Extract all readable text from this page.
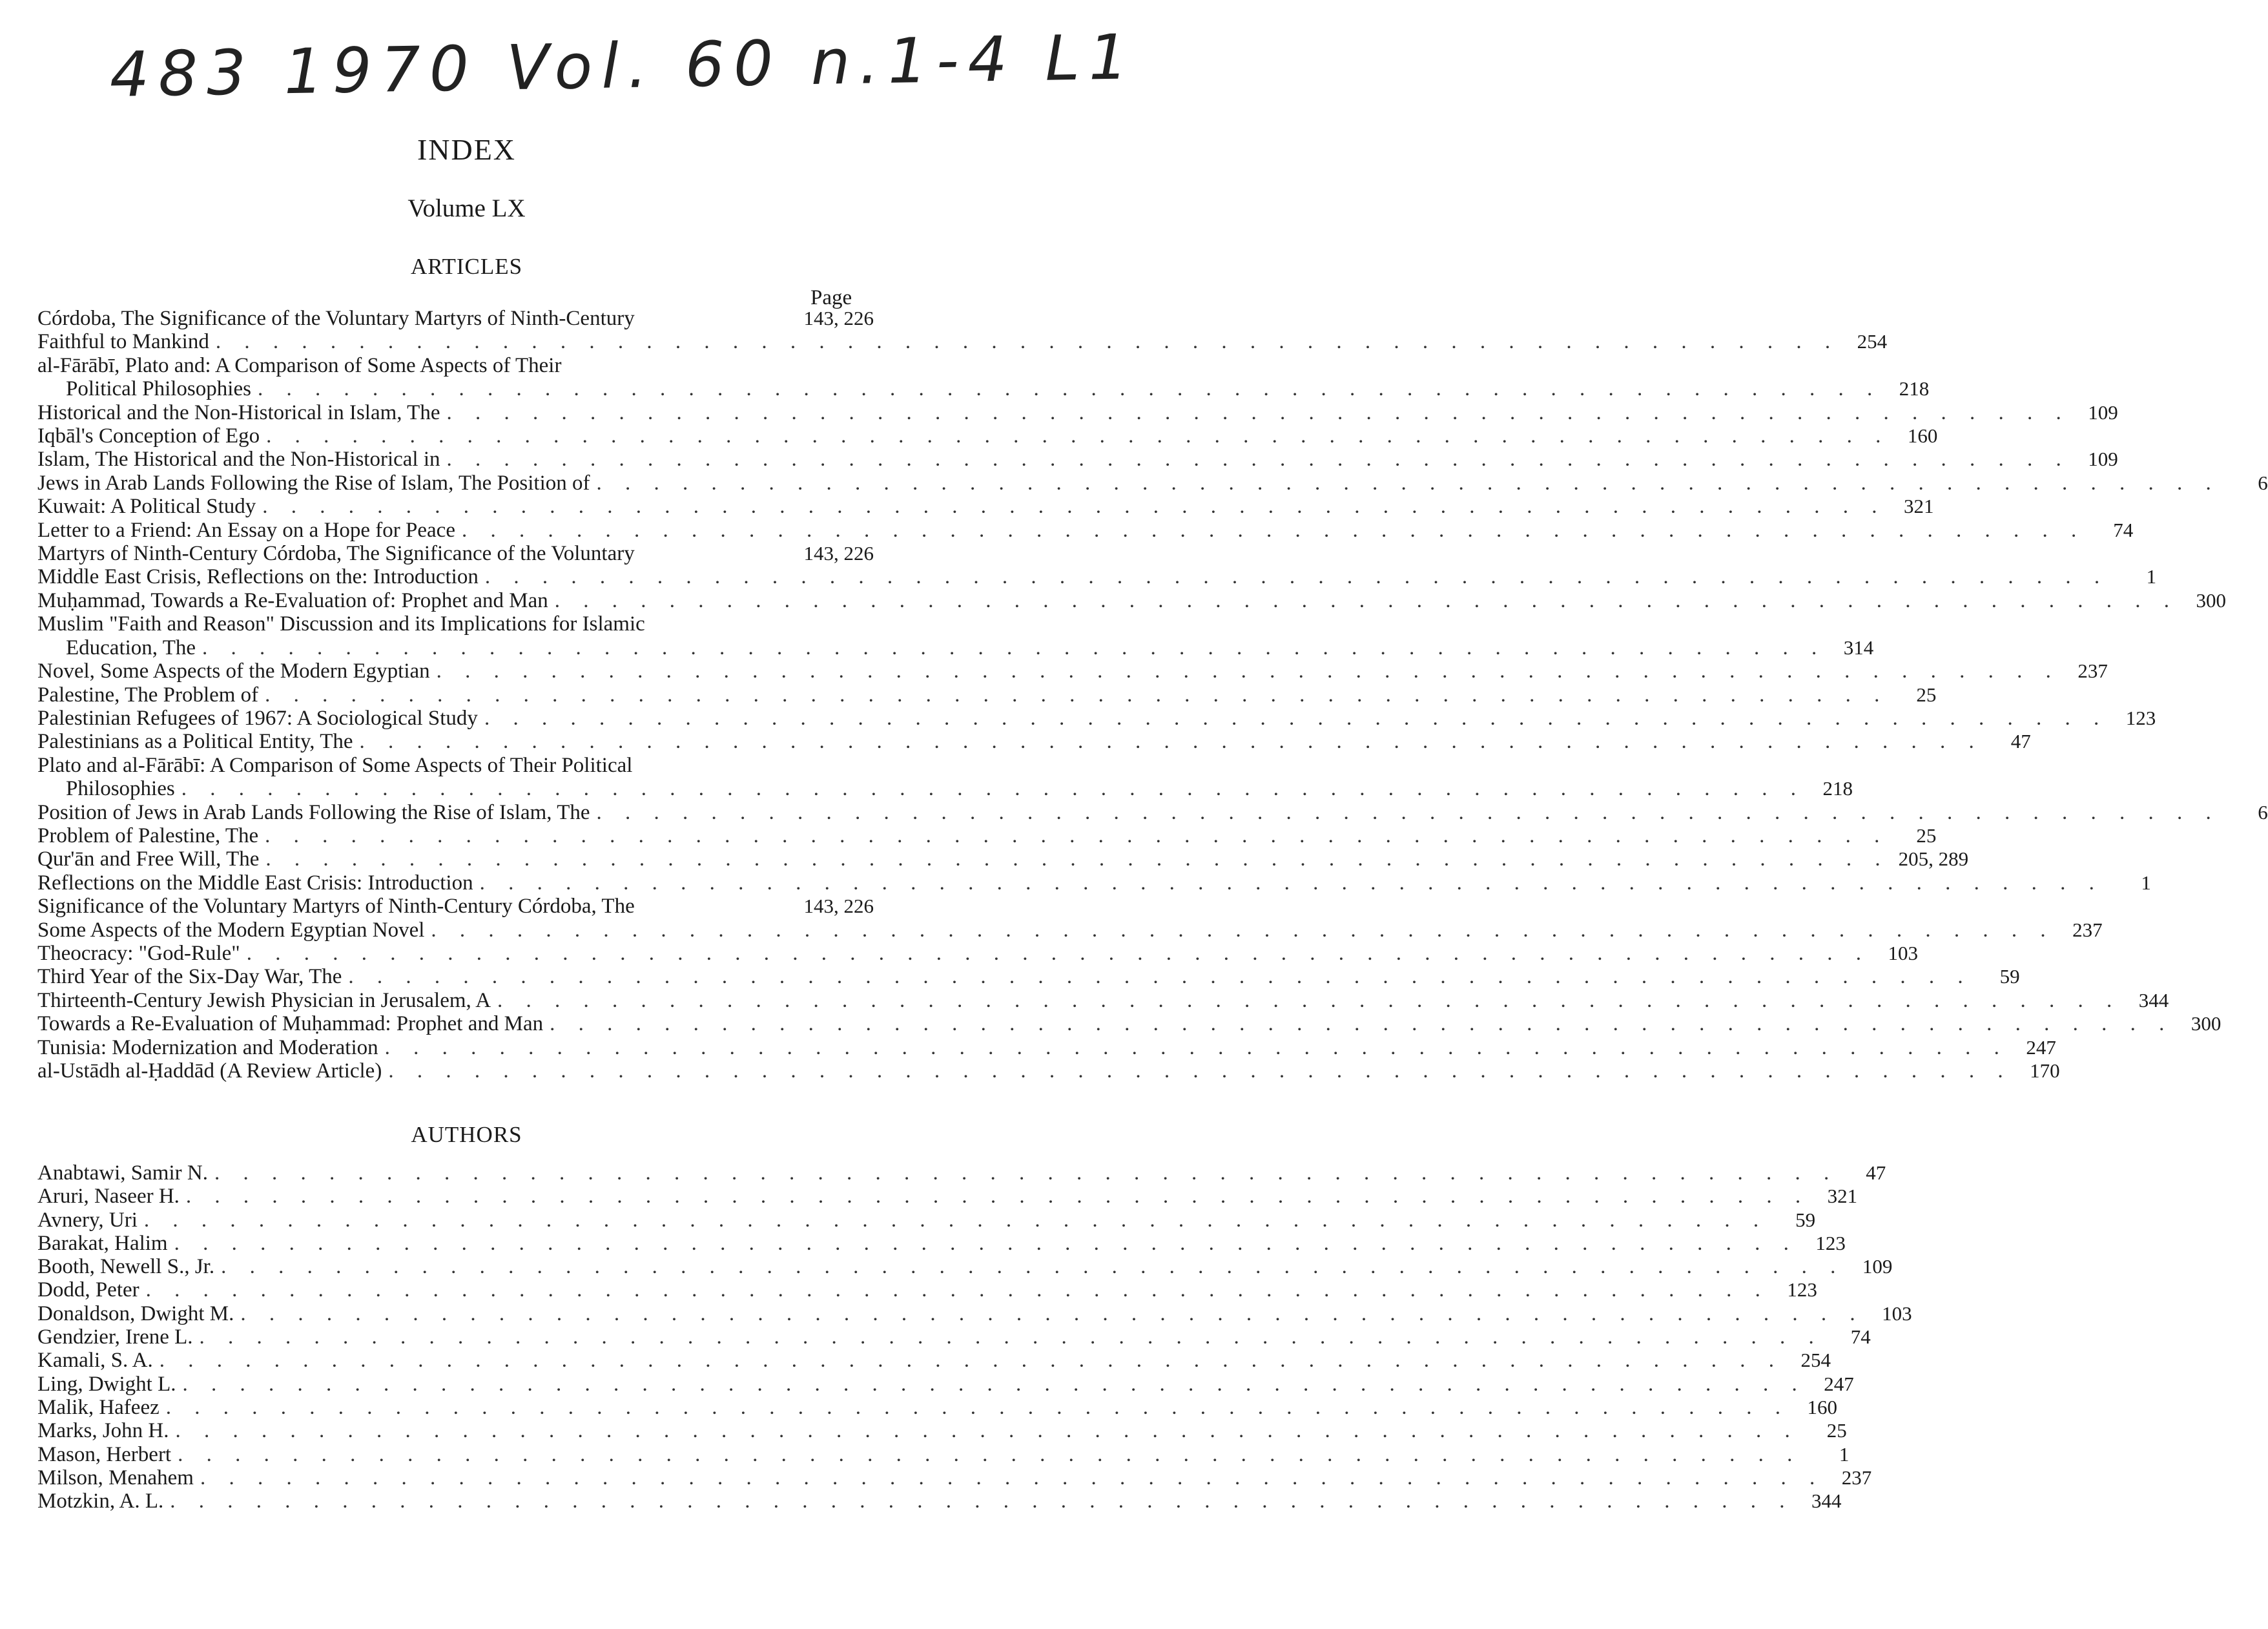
483 1970 Vol. 60 n.1-4 L1
INDEX
Volume LX
ARTICLES
Page
Córdoba, The Significance of the Voluntary Martyrs of Ninth-Century	143, 226
Faithful to Mankind . . .	254
al-Fārābī, Plato and: A Comparison of Some Aspects of Their
Political Philosophies . . .	218
Historical and the Non-Historical in Islam, The . . .	109
Iqbāl's Conception of Ego . . .	160
Islam, The Historical and the Non-Historical in . . .	109
Jews in Arab Lands Following the Rise of Islam, The Position of . . .	6
Kuwait: A Political Study . . .	321
Letter to a Friend: An Essay on a Hope for Peace . . .	74
Martyrs of Ninth-Century Córdoba, The Significance of the Voluntary	143, 226
Middle East Crisis, Reflections on the: Introduction . . .	1
Muḥammad, Towards a Re-Evaluation of: Prophet and Man . . .	300
Muslim "Faith and Reason" Discussion and its Implications for Islamic
Education, The . . .	314
Novel, Some Aspects of the Modern Egyptian . . .	237
Palestine, The Problem of . . .	25
Palestinian Refugees of 1967: A Sociological Study . . .	123
Palestinians as a Political Entity, The . . .	47
Plato and al-Fārābī: A Comparison of Some Aspects of Their Political
Philosophies . . .	218
Position of Jews in Arab Lands Following the Rise of Islam, The . . .	6
Problem of Palestine, The . . .	25
Qur'ān and Free Will, The . . .	205, 289
Reflections on the Middle East Crisis: Introduction . . .	1
Significance of the Voluntary Martyrs of Ninth-Century Córdoba, The	143, 226
Some Aspects of the Modern Egyptian Novel . . .	237
Theocracy: "God-Rule" . . .	103
Third Year of the Six-Day War, The . . .	59
Thirteenth-Century Jewish Physician in Jerusalem, A . . .	344
Towards a Re-Evaluation of Muḥammad: Prophet and Man . . .	300
Tunisia: Modernization and Moderation . . .	247
al-Ustādh al-Ḥaddād (A Review Article) . . .	170
AUTHORS
Anabtawi, Samir N. . . .	47
Aruri, Naseer H. . . .	321
Avnery, Uri . . .	59
Barakat, Halim . . .	123
Booth, Newell S., Jr. . . .	109
Dodd, Peter . . .	123
Donaldson, Dwight M. . . .	103
Gendzier, Irene L. . . .	74
Kamali, S. A. . . .	254
Ling, Dwight L. . . .	247
Malik, Hafeez . . .	160
Marks, John H. . . .	25
Mason, Herbert . . .	1
Milson, Menahem . . .	237
Motzkin, A. L. . . .	344
